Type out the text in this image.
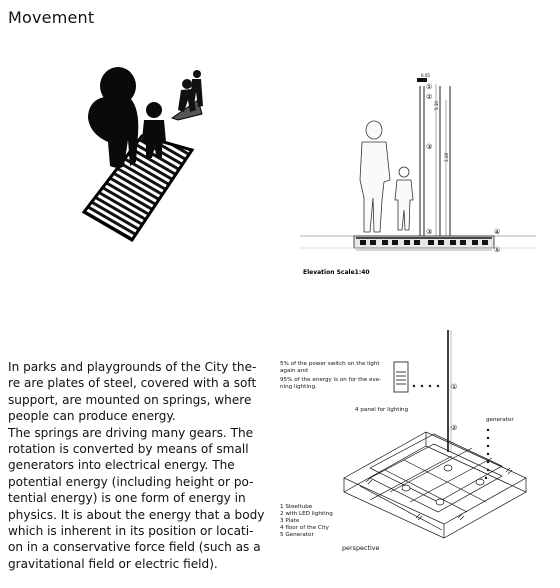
Movement
0.05
5.10
3.28
①
②
③
③	④
⑤
Elevation Scale1:40
In parks and playgrounds of the City the-
re are plates of steel, covered with a soft
support, are mounted on springs, where
people can produce energy.
The springs are driving many gears. The
rotation is converted by means of small
generators into electrical energy. The
potential energy (including height or po-
tential energy) is one form of energy in
physics. It is about the energy that a body
which is inherent in its position or locati-
on in a conservative force field (such as a
gravitational field or electric field).
①
②
5% of the power switch on the light
again and
95% of the energy is on for the eve-
ning lighting.
4 panel for lighting
generator
1 Steeltube
2 with LED lighting
3 Plate
4 floor of the City
5 Generator
perspective
